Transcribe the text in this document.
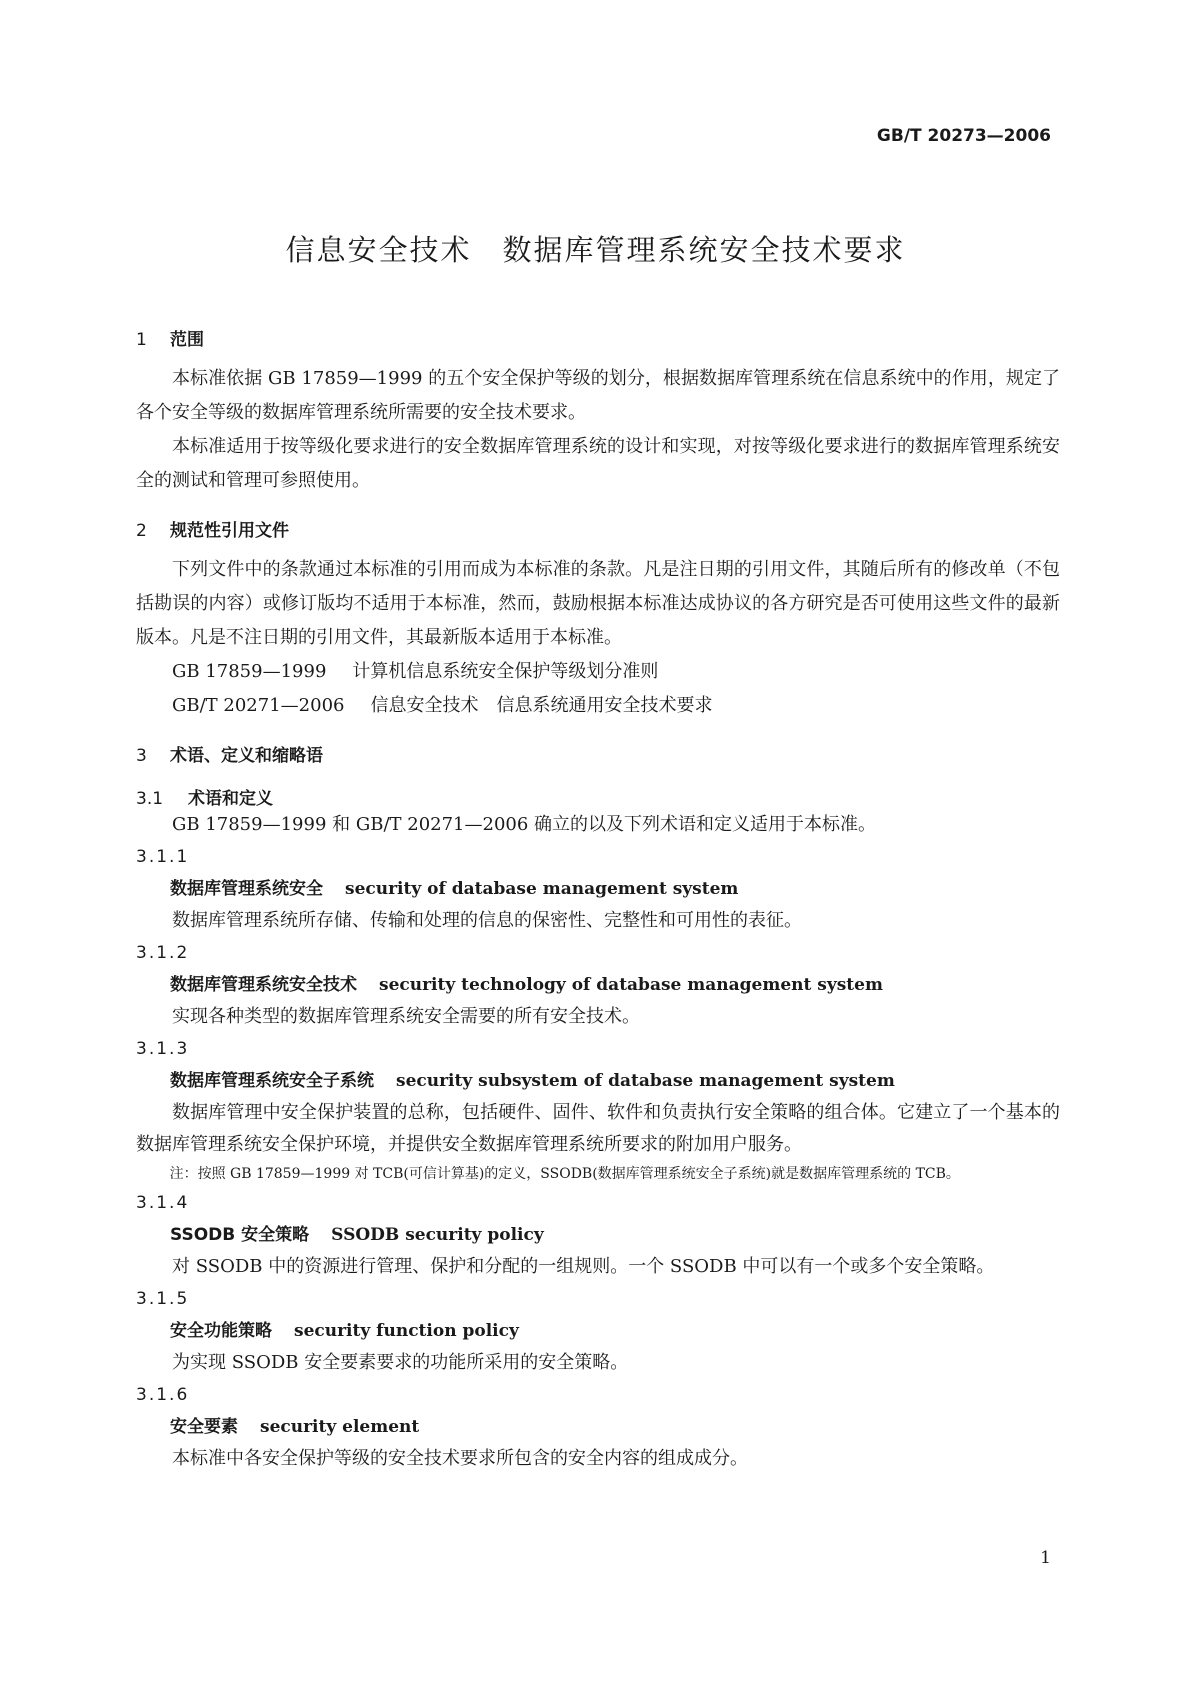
GB/T 20273—2006
信息安全技术　数据库管理系统安全技术要求

1 范围

本标准依据 GB 17859—1999 的五个安全保护等级的划分，根据数据库管理系统在信息系统中的作用，规定了各个安全等级的数据库管理系统所需要的安全技术要求。

本标准适用于按等级化要求进行的安全数据库管理系统的设计和实现，对按等级化要求进行的数据库管理系统安全的测试和管理可参照使用。

2 规范性引用文件

下列文件中的条款通过本标准的引用而成为本标准的条款。凡是注日期的引用文件，其随后所有的修改单（不包括勘误的内容）或修订版均不适用于本标准，然而，鼓励根据本标准达成协议的各方研究是否可使用这些文件的最新版本。凡是不注日期的引用文件，其最新版本适用于本标准。

GB 17859—1999 计算机信息系统安全保护等级划分准则

GB/T 20271—2006 信息安全技术　信息系统通用安全技术要求

3 术语、定义和缩略语

3.1 术语和定义

GB 17859—1999 和 GB/T 20271—2006 确立的以及下列术语和定义适用于本标准。

3.1.1

数据库管理系统安全 security of database management system

数据库管理系统所存储、传输和处理的信息的保密性、完整性和可用性的表征。

3.1.2

数据库管理系统安全技术 security technology of database management system

实现各种类型的数据库管理系统安全需要的所有安全技术。

3.1.3

数据库管理系统安全子系统 security subsystem of database management system

数据库管理中安全保护装置的总称，包括硬件、固件、软件和负责执行安全策略的组合体。它建立了一个基本的数据库管理系统安全保护环境，并提供安全数据库管理系统所要求的附加用户服务。

注：按照 GB 17859—1999 对 TCB(可信计算基)的定义，SSODB(数据库管理系统安全子系统)就是数据库管理系统的 TCB。

3.1.4

SSODB 安全策略 SSODB security policy

对 SSODB 中的资源进行管理、保护和分配的一组规则。一个 SSODB 中可以有一个或多个安全策略。

3.1.5

安全功能策略 security function policy

为实现 SSODB 安全要素要求的功能所采用的安全策略。

3.1.6

安全要素 security element

本标准中各安全保护等级的安全技术要求所包含的安全内容的组成成分。

1
